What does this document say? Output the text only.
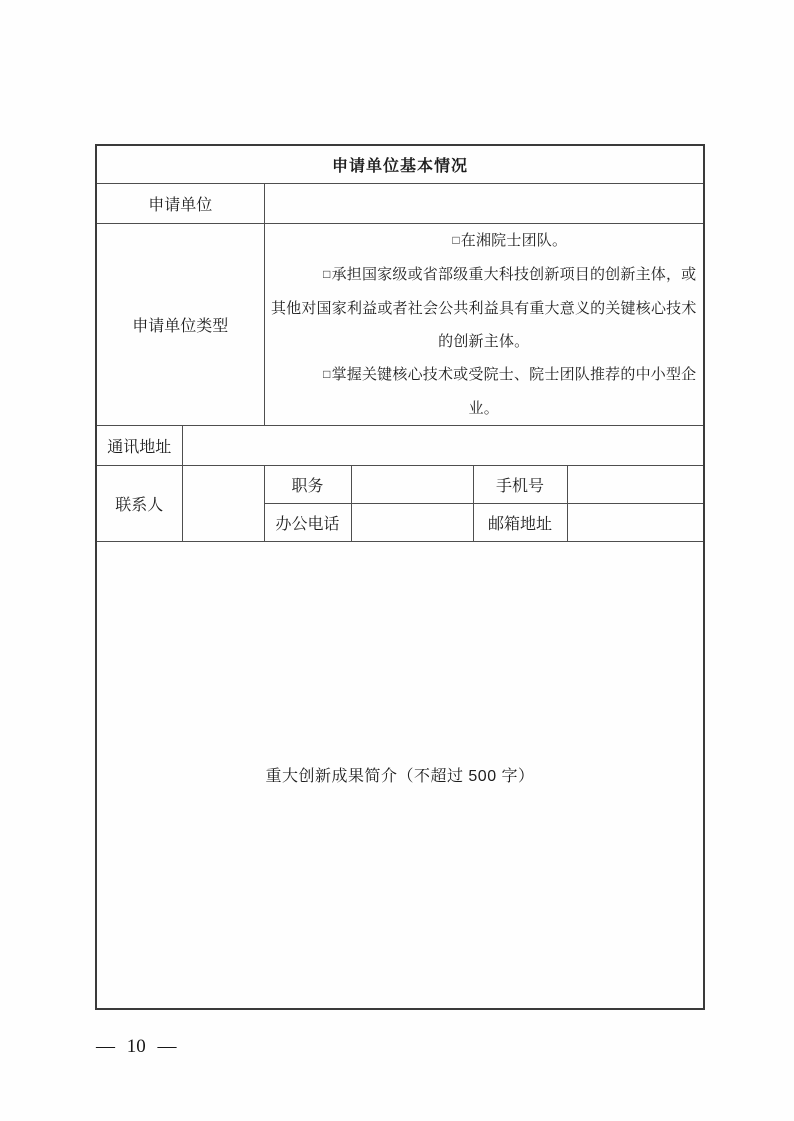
申请单位基本情况					
申请单位					
申请单位类型		□在湘院士团队。

□承担国家级或省部级重大科技创新项目的创新主体，或其他对国家利益或者社会公共利益具有重大意义的关键核心技术的创新主体。

□掌握关键核心技术或受院士、院士团队推荐的中小型企业。			

通讯地址					
联系人		职务		手机号	
		办公电话		邮箱地址	

重大创新成果简介（不超过 500 字）					
— 10 —
